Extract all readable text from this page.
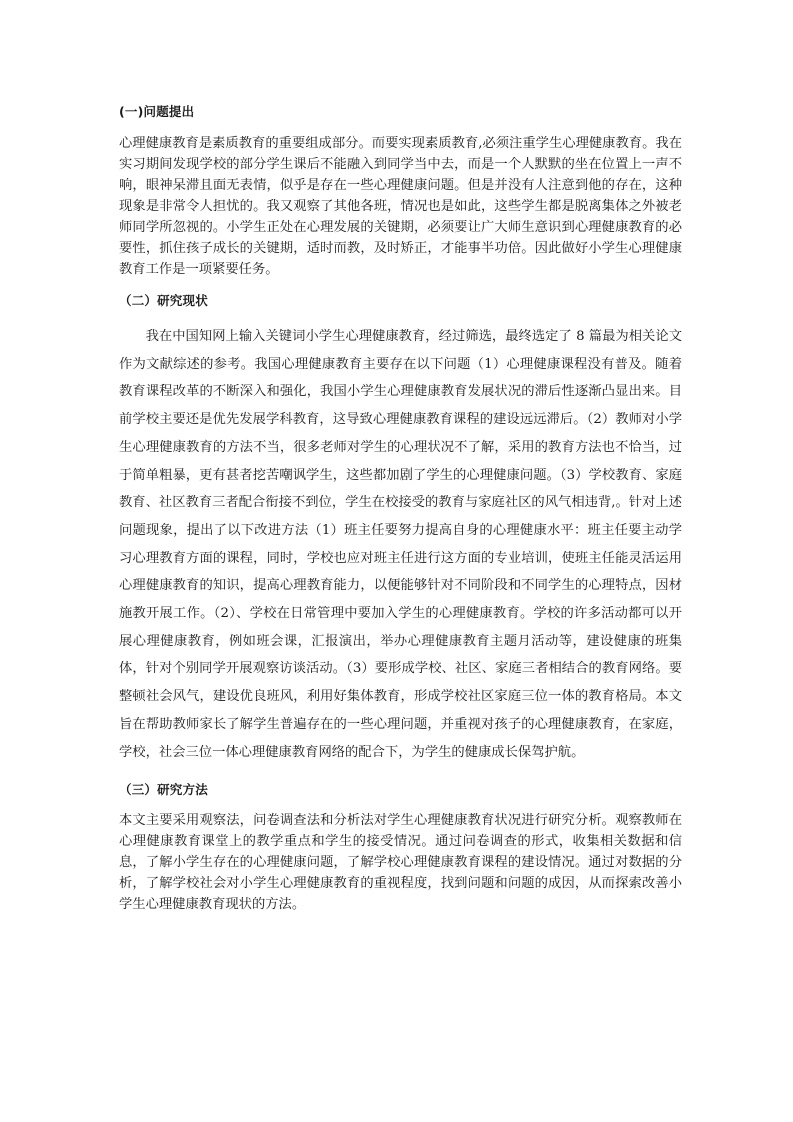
(一)问题提出

心理健康教育是素质教育的重要组成部分。而要实现素质教育,必须注重学生心理健康教育。我在实习期间发现学校的部分学生课后不能融入到同学当中去，而是一个人默默的坐在位置上一声不响，眼神呆滞且面无表情，似乎是存在一些心理健康问题。但是并没有人注意到他的存在，这种现象是非常令人担忧的。我又观察了其他各班，情况也是如此，这些学生都是脱离集体之外被老师同学所忽视的。小学生正处在心理发展的关键期，必须要让广大师生意识到心理健康教育的必要性，抓住孩子成长的关键期，适时而教，及时矫正，才能事半功倍。因此做好小学生心理健康教育工作是一项紧要任务。

（二）研究现状

我在中国知网上输入关键词小学生心理健康教育，经过筛选，最终选定了 8 篇最为相关论文作为文献综述的参考。我国心理健康教育主要存在以下问题（1）心理健康课程没有普及。随着教育课程改革的不断深入和强化，我国小学生心理健康教育发展状况的滞后性逐渐凸显出来。目前学校主要还是优先发展学科教育，这导致心理健康教育课程的建设远远滞后。（2）教师对小学生心理健康教育的方法不当，很多老师对学生的心理状况不了解，采用的教育方法也不恰当，过于简单粗暴，更有甚者挖苦嘲讽学生，这些都加剧了学生的心理健康问题。（3）学校教育、家庭教育、社区教育三者配合衔接不到位，学生在校接受的教育与家庭社区的风气相违背,。针对上述问题现象，提出了以下改进方法（1）班主任要努力提高自身的心理健康水平：班主任要主动学习心理教育方面的课程，同时，学校也应对班主任进行这方面的专业培训，使班主任能灵活运用心理健康教育的知识，提高心理教育能力，以便能够针对不同阶段和不同学生的心理特点，因材施教开展工作。（2）、学校在日常管理中要加入学生的心理健康教育。学校的许多活动都可以开展心理健康教育，例如班会课，汇报演出，举办心理健康教育主题月活动等，建设健康的班集体，针对个别同学开展观察访谈活动。（3）要形成学校、社区、家庭三者相结合的教育网络。要整顿社会风气，建设优良班风，利用好集体教育，形成学校社区家庭三位一体的教育格局。本文旨在帮助教师家长了解学生普遍存在的一些心理问题，并重视对孩子的心理健康教育，在家庭，学校，社会三位一体心理健康教育网络的配合下，为学生的健康成长保驾护航。

（三）研究方法

本文主要采用观察法，问卷调查法和分析法对学生心理健康教育状况进行研究分析。观察教师在心理健康教育课堂上的教学重点和学生的接受情况。通过问卷调查的形式，收集相关数据和信息，了解小学生存在的心理健康问题，了解学校心理健康教育课程的建设情况。通过对数据的分析，了解学校社会对小学生心理健康教育的重视程度，找到问题和问题的成因，从而探索改善小学生心理健康教育现状的方法。
